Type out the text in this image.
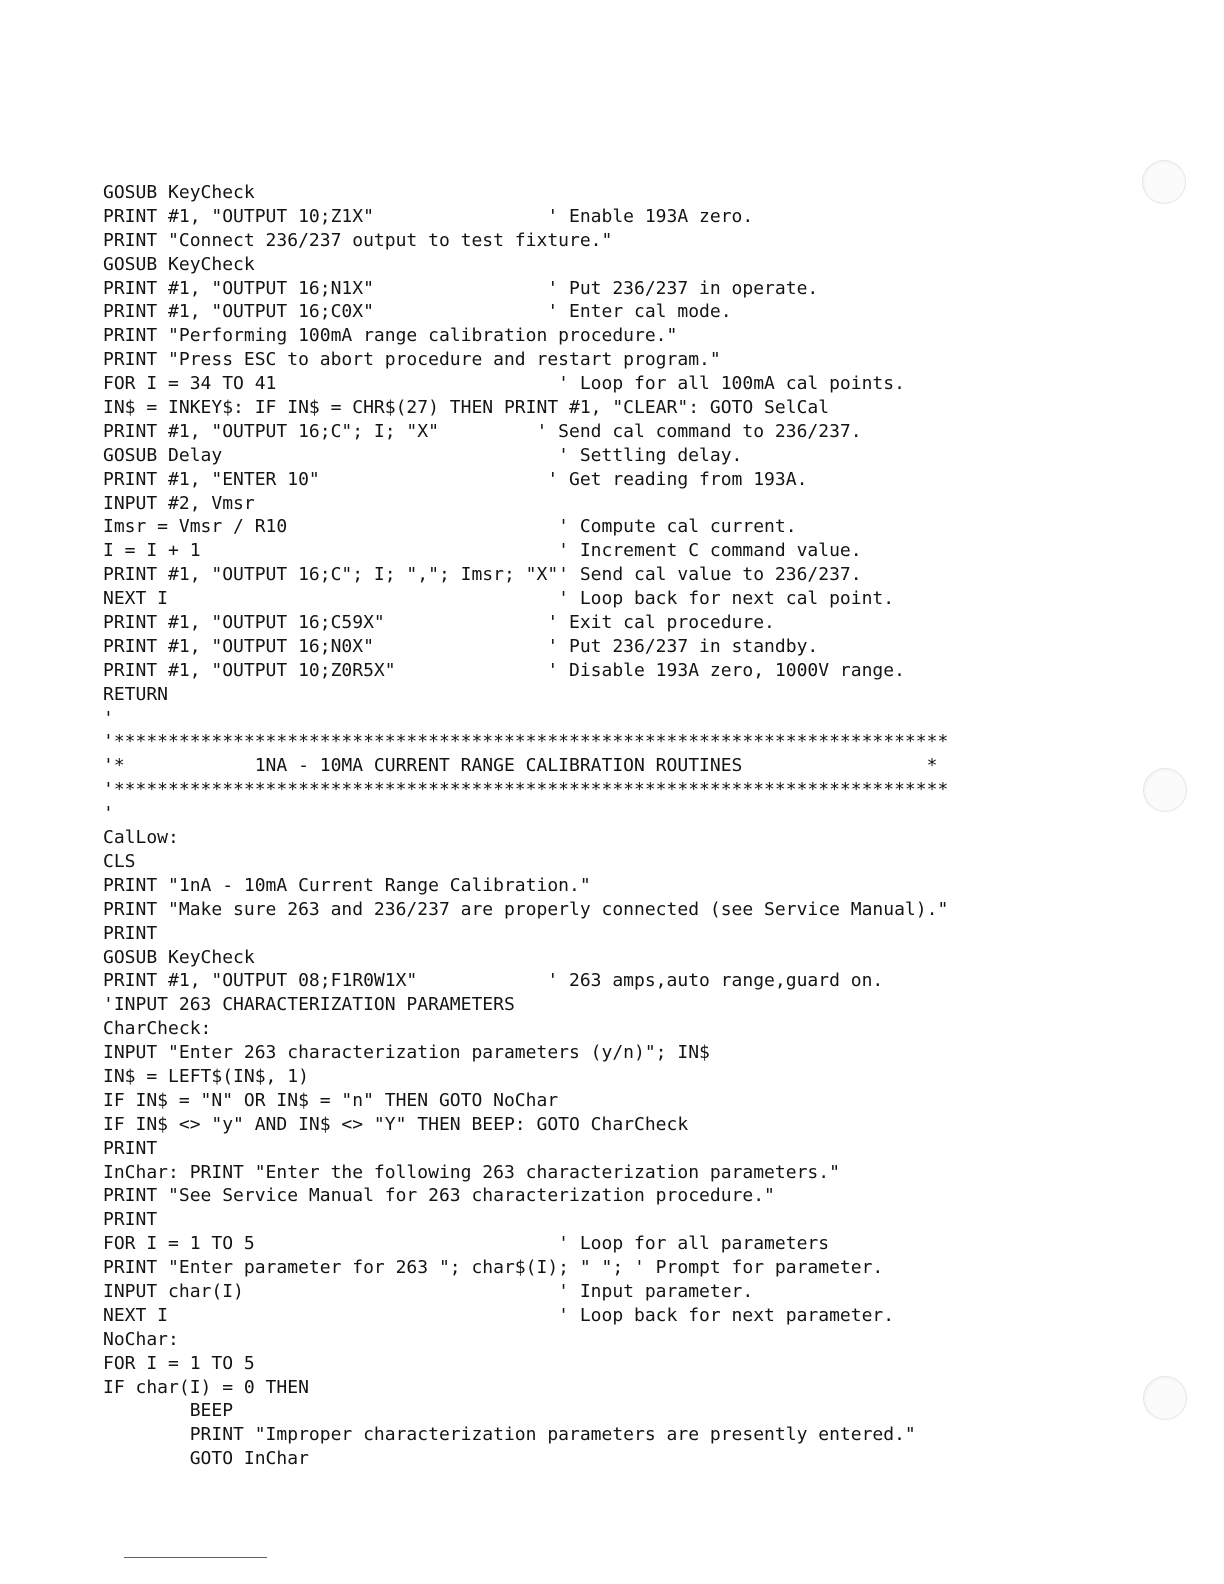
GOSUB KeyCheck
PRINT #1, "OUTPUT 10;Z1X"                ' Enable 193A zero.
PRINT "Connect 236/237 output to test fixture."
GOSUB KeyCheck
PRINT #1, "OUTPUT 16;N1X"                ' Put 236/237 in operate.
PRINT #1, "OUTPUT 16;C0X"                ' Enter cal mode.
PRINT "Performing 100mA range calibration procedure."
PRINT "Press ESC to abort procedure and restart program."
FOR I = 34 TO 41                          ' Loop for all 100mA cal points.
IN$ = INKEY$: IF IN$ = CHR$(27) THEN PRINT #1, "CLEAR": GOTO SelCal
PRINT #1, "OUTPUT 16;C"; I; "X"         ' Send cal command to 236/237.
GOSUB Delay                               ' Settling delay.
PRINT #1, "ENTER 10"                     ' Get reading from 193A.
INPUT #2, Vmsr
Imsr = Vmsr / R10                         ' Compute cal current.
I = I + 1                                 ' Increment C command value.
PRINT #1, "OUTPUT 16;C"; I; ","; Imsr; "X"' Send cal value to 236/237.
NEXT I                                    ' Loop back for next cal point.
PRINT #1, "OUTPUT 16;C59X"               ' Exit cal procedure.
PRINT #1, "OUTPUT 16;N0X"                ' Put 236/237 in standby.
PRINT #1, "OUTPUT 10;Z0R5X"              ' Disable 193A zero, 1000V range.
RETURN
'
'*****************************************************************************
'*            1NA - 10MA CURRENT RANGE CALIBRATION ROUTINES                 *
'*****************************************************************************
'
CalLow:
CLS
PRINT "1nA - 10mA Current Range Calibration."
PRINT "Make sure 263 and 236/237 are properly connected (see Service Manual)."
PRINT
GOSUB KeyCheck
PRINT #1, "OUTPUT 08;F1R0W1X"            ' 263 amps,auto range,guard on.
'INPUT 263 CHARACTERIZATION PARAMETERS
CharCheck:
INPUT "Enter 263 characterization parameters (y/n)"; IN$
IN$ = LEFT$(IN$, 1)
IF IN$ = "N" OR IN$ = "n" THEN GOTO NoChar
IF IN$ <> "y" AND IN$ <> "Y" THEN BEEP: GOTO CharCheck
PRINT
InChar: PRINT "Enter the following 263 characterization parameters."
PRINT "See Service Manual for 263 characterization procedure."
PRINT
FOR I = 1 TO 5                            ' Loop for all parameters
PRINT "Enter parameter for 263 "; char$(I); " "; ' Prompt for parameter.
INPUT char(I)                             ' Input parameter.
NEXT I                                    ' Loop back for next parameter.
NoChar:
FOR I = 1 TO 5
IF char(I) = 0 THEN
BEEP
PRINT "Improper characterization parameters are presently entered."
GOTO InChar
